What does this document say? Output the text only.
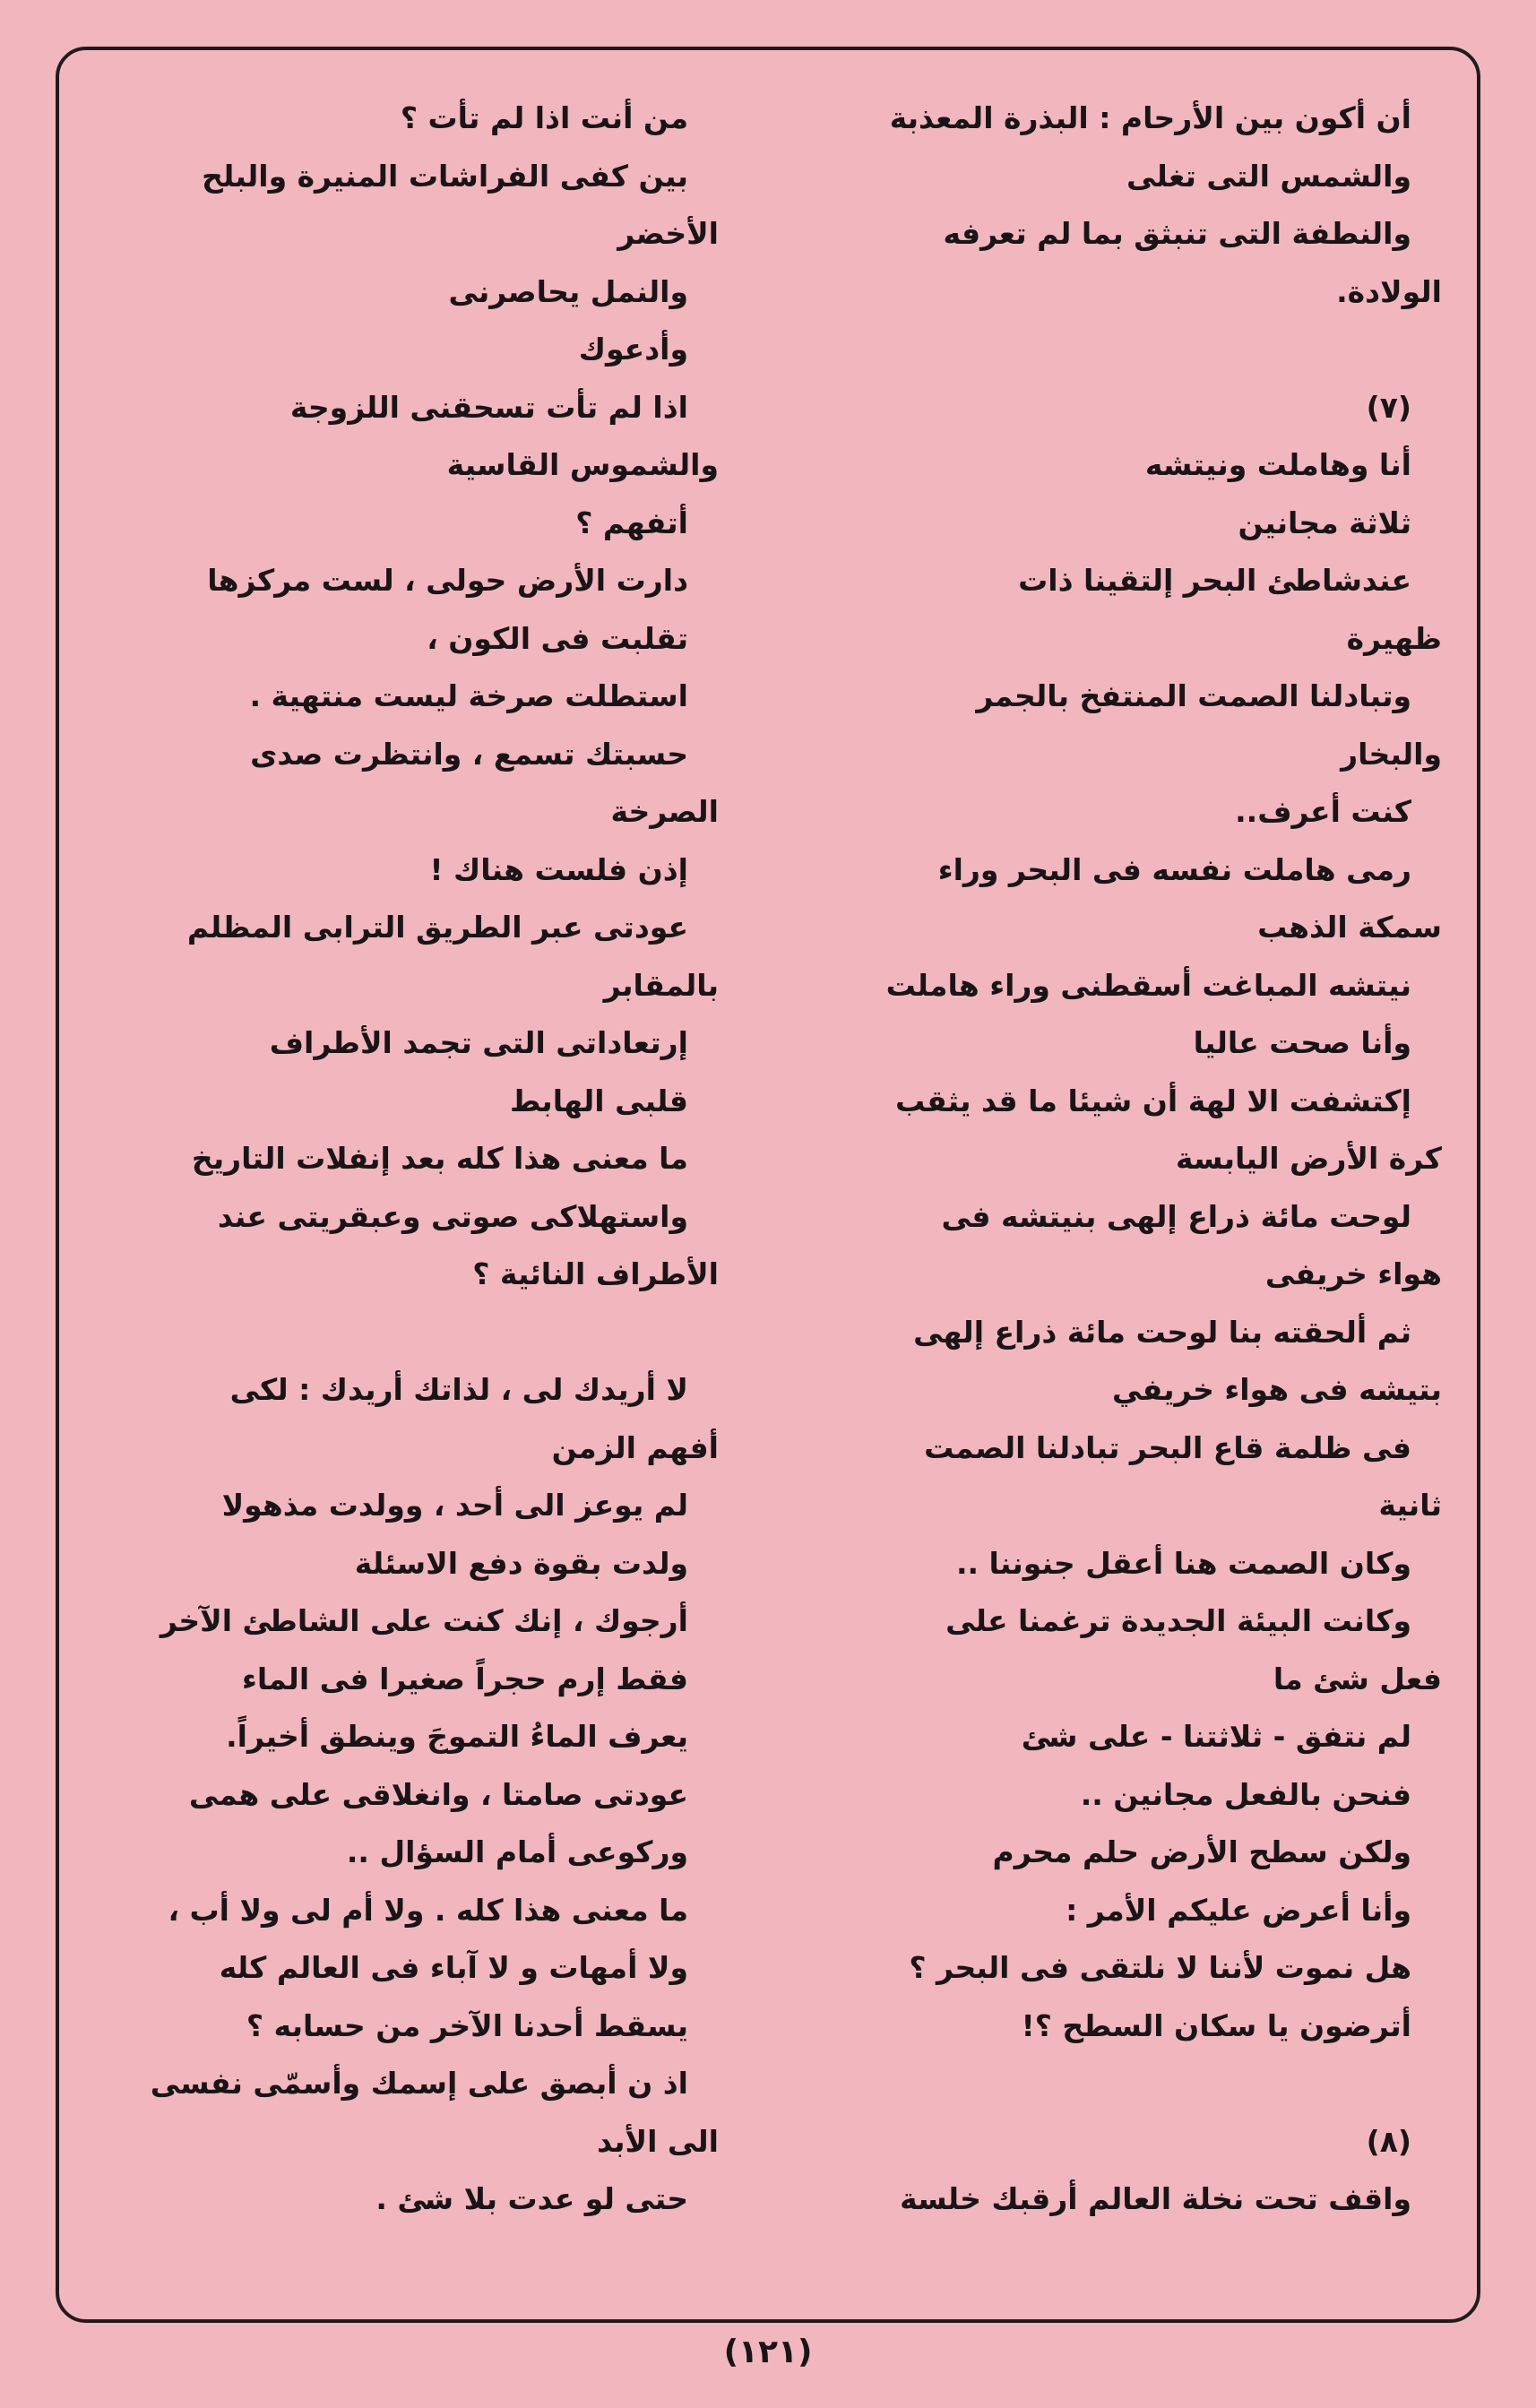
أن أكون بين الأرحام : البذرة المعذبة
والشمس التى تغلى
والنطفة التى تنبثق بما لم تعرفه
الولادة.
(٧)
أنا وهاملت ونيتشه
ثلاثة مجانين
عندشاطئ البحر إلتقينا ذات
ظهيرة
وتبادلنا الصمت المنتفخ بالجمر
والبخار
كنت أعرف..
رمى هاملت نفسه فى البحر وراء
سمكة الذهب
نيتشه المباغت أسقطنى وراء هاملت
وأنا صحت عاليا
إكتشفت الا لهة أن شيئا ما قد يثقب
كرة الأرض اليابسة
لوحت مائة ذراع إلهى بنيتشه فى
هواء خريفى
ثم ألحقته بنا لوحت مائة ذراع إلهى
بتيشه فى هواء خريفي
فى ظلمة قاع البحر تبادلنا الصمت
ثانية
وكان الصمت هنا أعقل جنوننا ..
وكانت البيئة الجديدة ترغمنا على
فعل شئ ما
لم نتفق - ثلاثتنا - على شئ
فنحن بالفعل مجانين ..
ولكن سطح الأرض حلم محرم
وأنا أعرض عليكم الأمر :
هل نموت لأننا لا نلتقى فى البحر ؟
أترضون يا سكان السطح ؟!
(٨)
واقف تحت نخلة العالم أرقبك خلسة
من أنت اذا لم تأت ؟
بين كفى الفراشات المنيرة والبلح
الأخضر
والنمل يحاصرنى
وأدعوك
اذا لم تأت تسحقنى اللزوجة
والشموس القاسية
أتفهم ؟
دارت الأرض حولى ، لست مركزها
تقلبت فى الكون ،
استطلت صرخة ليست منتهية .
حسبتك تسمع ، وانتظرت صدى
الصرخة
إذن فلست هناك !
عودتى عبر الطريق الترابى المظلم
بالمقابر
إرتعاداتى التى تجمد الأطراف
قلبى الهابط
ما معنى هذا كله بعد إنفلات التاريخ
واستهلاكى صوتى وعبقريتى عند
الأطراف النائية ؟
لا أريدك لى ، لذاتك أريدك : لكى
أفهم الزمن
لم يوعز الى أحد ، وولدت مذهولا
ولدت بقوة دفع الاسئلة
أرجوك ، إنك كنت على الشاطئ الآخر
فقط إرم حجراً صغيرا فى الماء
يعرف الماءُ التموجَ وينطق أخيراً.
عودتى صامتا ، وانغلاقى على همى
وركوعى أمام السؤال ..
ما معنى هذا كله . ولا أم لى ولا أب ،
ولا أمهات و لا آباء فى العالم كله
يسقط أحدنا الآخر من حسابه ؟
اذ ن أبصق على إسمك وأسمّى نفسى
الى الأبد
حتى لو عدت بلا شئ .
(١٢١)
